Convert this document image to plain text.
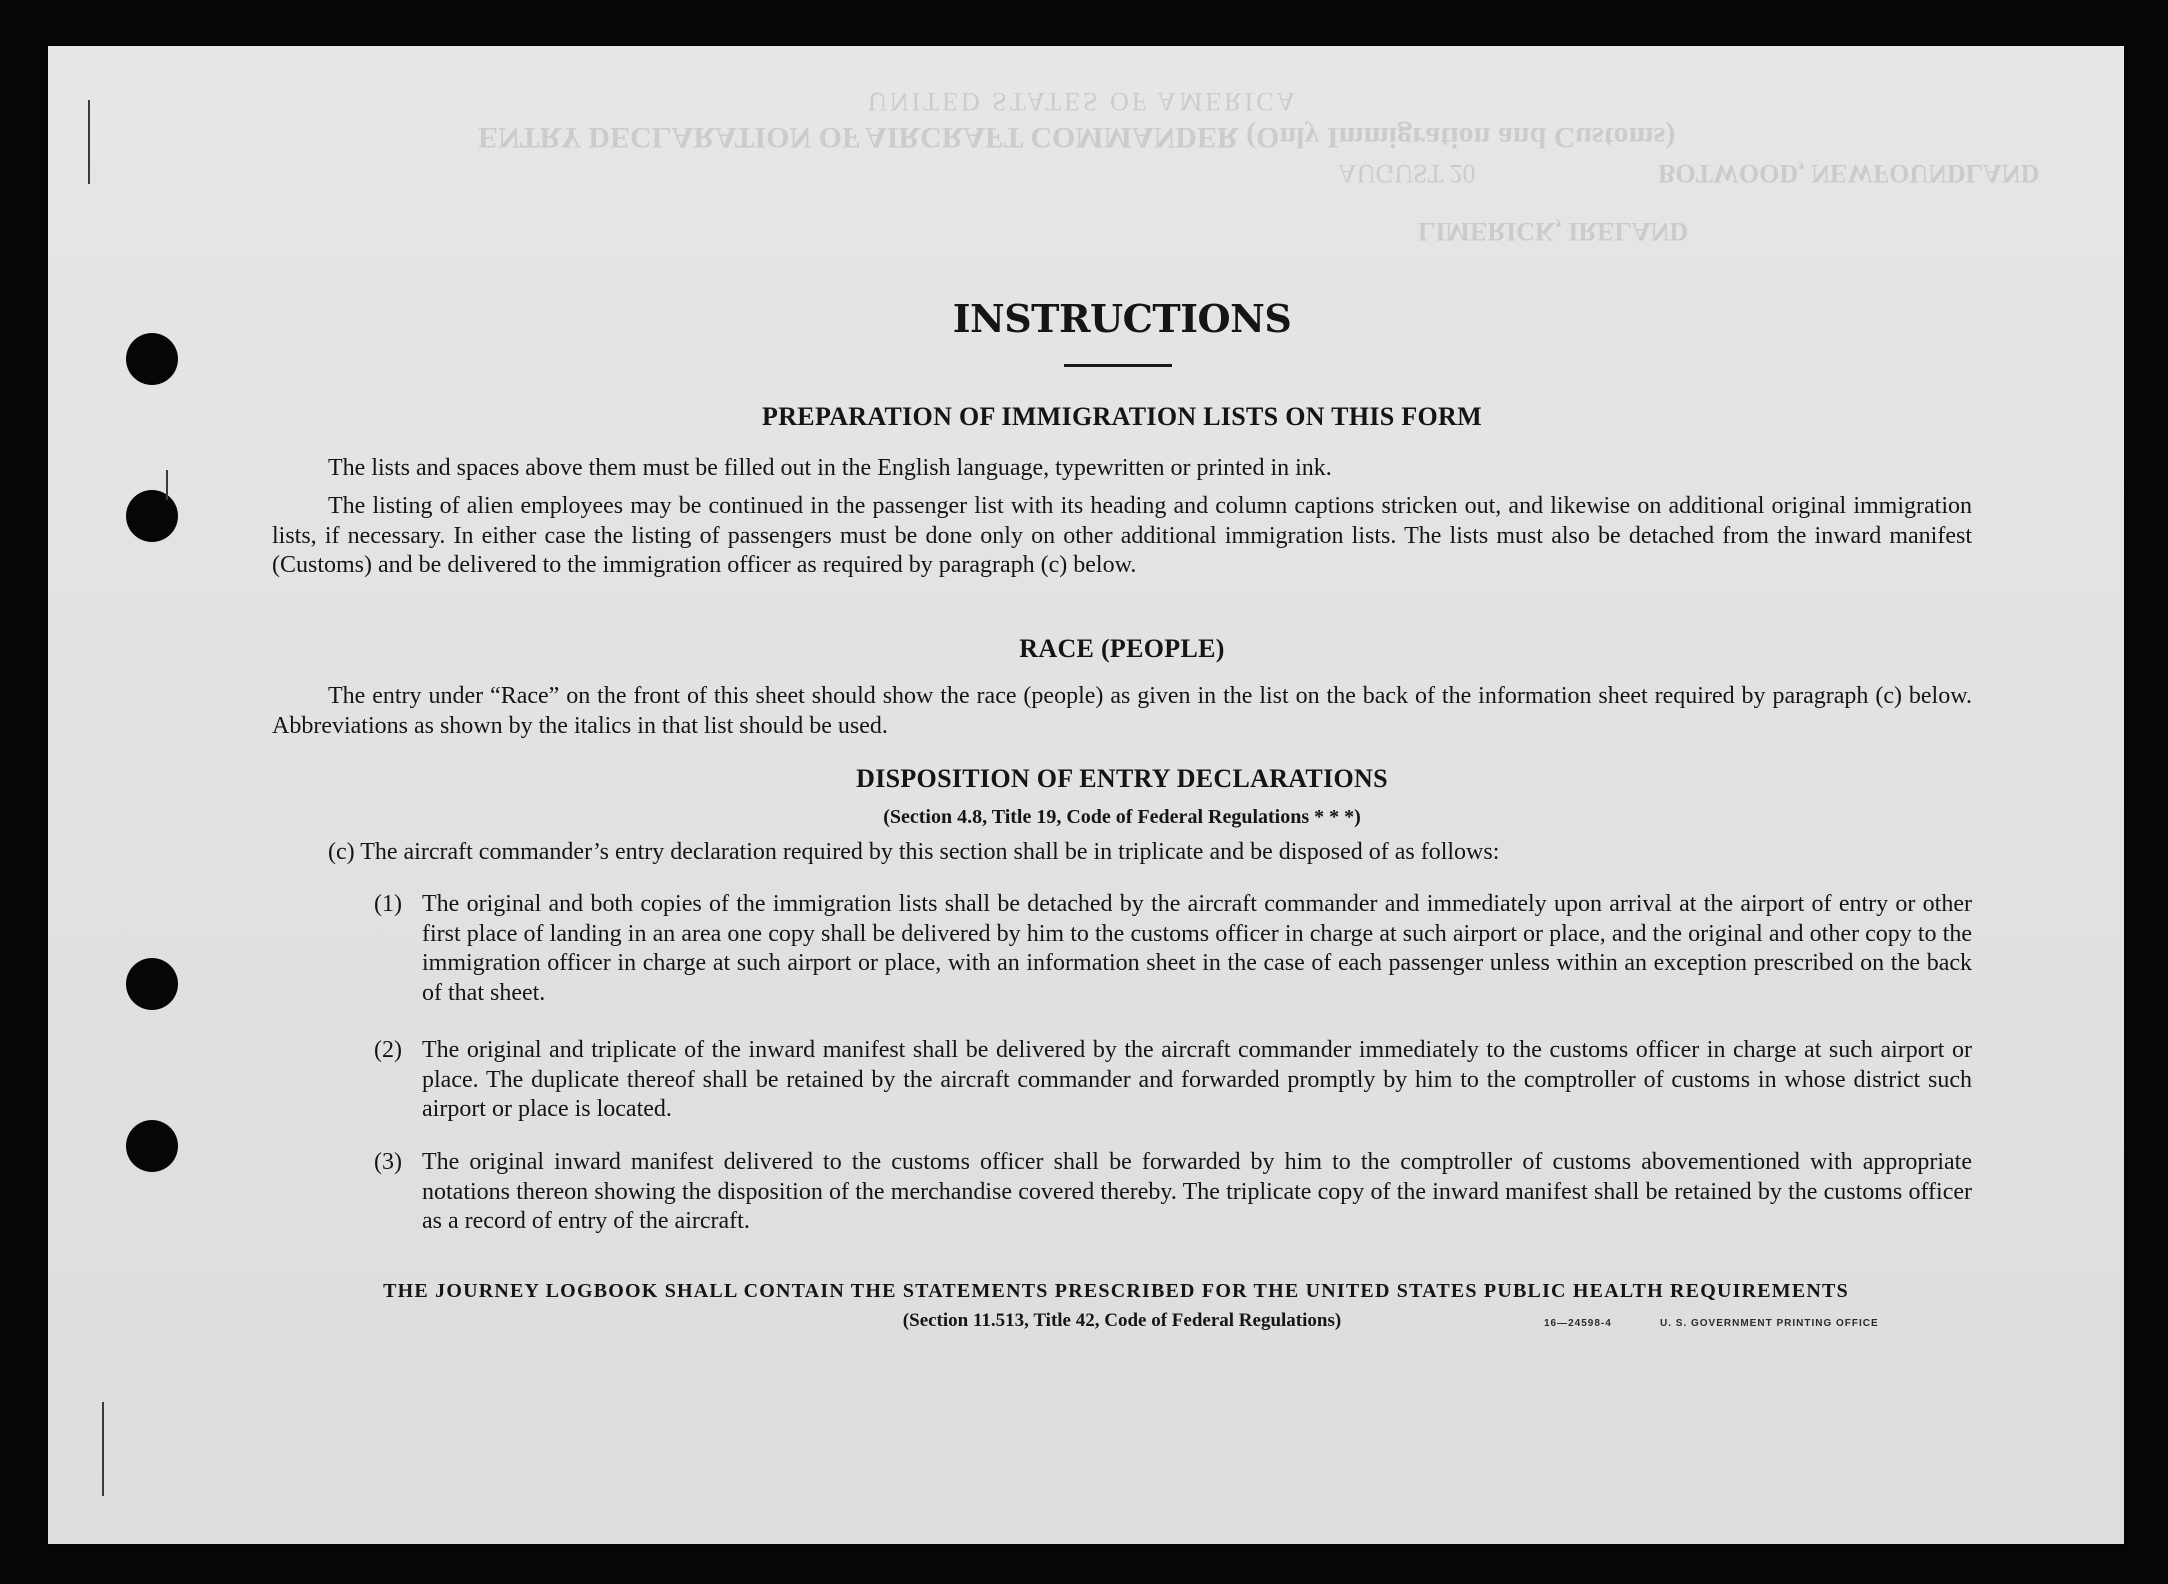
UNITED STATES OF AMERICA
ENTRY DECLARATION OF AIRCRAFT COMMANDER (Only Immigration and Customs)
AUGUST 20	BOTWOOD, NEWFOUNDLAND
LIMERICK, IRELAND
INSTRUCTIONS
PREPARATION OF IMMIGRATION LISTS ON THIS FORM

The lists and spaces above them must be filled out in the English language, typewritten or printed in ink.

The listing of alien employees may be continued in the passenger list with its heading and column captions stricken out, and likewise on additional original immigration lists, if necessary. In either case the listing of passengers must be done only on other additional immigration lists. The lists must also be detached from the inward manifest (Customs) and be delivered to the immigration officer as required by paragraph (c) below.

RACE (PEOPLE)

The entry under “Race” on the front of this sheet should show the race (people) as given in the list on the back of the information sheet required by paragraph (c) below. Abbreviations as shown by the italics in that list should be used.

DISPOSITION OF ENTRY DECLARATIONS
(Section 4.8, Title 19, Code of Federal Regulations * * *)

(c) The aircraft commander’s entry declaration required by this section shall be in triplicate and be disposed of as follows:

(1) The original and both copies of the immigration lists shall be detached by the aircraft commander and immediately upon arrival at the airport of entry or other first place of landing in an area one copy shall be delivered by him to the customs officer in charge at such airport or place, and the original and other copy to the immigration officer in charge at such airport or place, with an information sheet in the case of each passenger unless within an exception prescribed on the back of that sheet.
(2) The original and triplicate of the inward manifest shall be delivered by the aircraft commander immediately to the customs officer in charge at such airport or place. The duplicate thereof shall be retained by the aircraft commander and forwarded promptly by him to the comptroller of customs in whose district such airport or place is located.
(3) The original inward manifest delivered to the customs officer shall be forwarded by him to the comptroller of customs abovementioned with appropriate notations thereon showing the disposition of the merchandise covered thereby. The triplicate copy of the inward manifest shall be retained by the customs officer as a record of entry of the aircraft.
THE JOURNEY LOGBOOK SHALL CONTAIN THE STATEMENTS PRESCRIBED FOR THE UNITED STATES PUBLIC HEALTH REQUIREMENTS
(Section 11.513, Title 42, Code of Federal Regulations)	16—24598-4	U. S. GOVERNMENT PRINTING OFFICE
